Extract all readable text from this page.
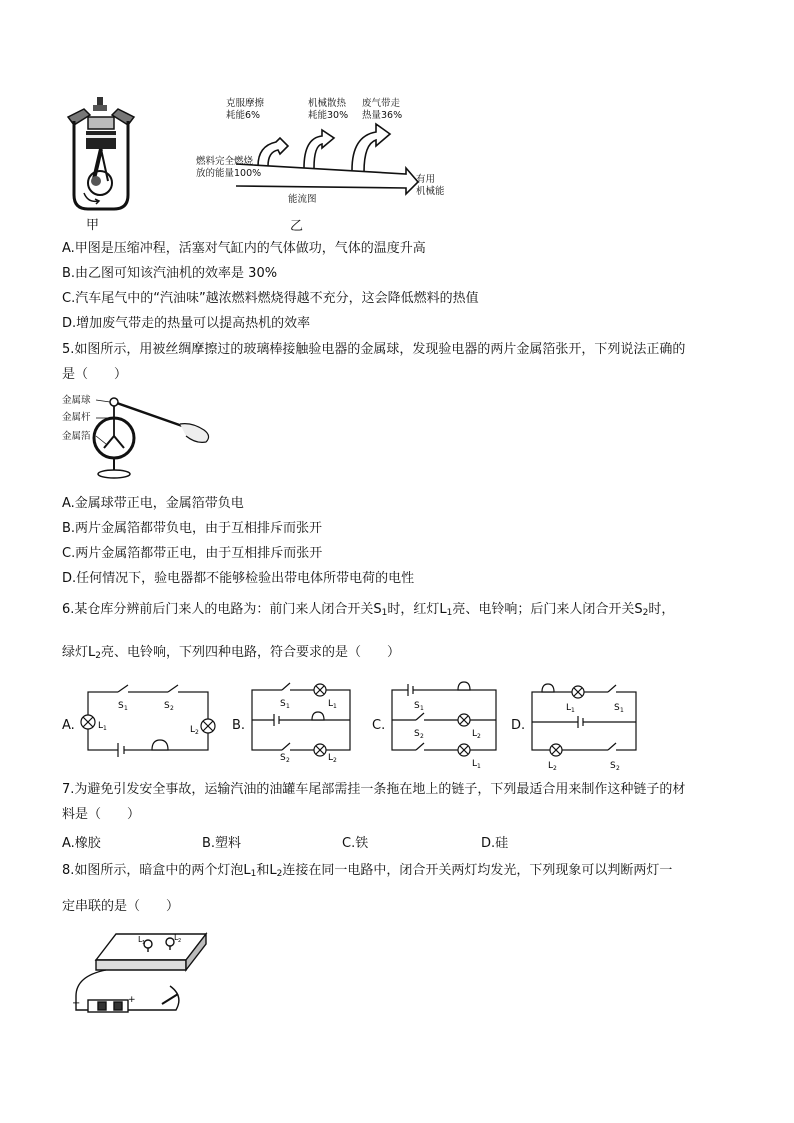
甲
克服摩擦
耗能6%
机械散热
耗能30%
废气带走
热量36%
燃料完全燃烧
放的能量100%
有用
机械能
能流图
乙
A.甲图是压缩冲程，活塞对气缸内的气体做功，气体的温度升高
B.由乙图可知该汽油机的效率是 30%
C.汽车尾气中的“汽油味”越浓燃料燃烧得越不充分，这会降低燃料的热值
D.增加废气带走的热量可以提高热机的效率
5.如图所示，用被丝绸摩擦过的玻璃棒接触验电器的金属球，发现验电器的两片金属箔张开，下列说法正确的
是（　　）
金属球
金属杆
金属箔
A.金属球带正电，金属箔带负电
B.两片金属箔都带负电，由于互相排斥而张开
C.两片金属箔都带正电，由于互相排斥而张开
D.任何情况下，验电器都不能够检验出带电体所带电荷的电性
6.某仓库分辨前后门来人的电路为：前门来人闭合开关$S_1$时，红灯$L_1$亮、电铃响；后门来人闭合开关$S_2$时，
绿灯$L_2$亮、电铃响，下列四种电路，符合要求的是（　　）
A.
S 1	S 2
L 1	L 2	B.
S 1	L 1
S 2	L 2
C.
S 1
S 2	L 2
L 1
D.
L 1	S 1
L 2	S 2
7.为避免引发安全事故，运输汽油的油罐车尾部需挂一条拖在地上的链子，下列最适合用来制作这种链子的材
料是（　　）
A.橡胶	B.塑料	C.铁	D.硅
8.如图所示，暗盒中的两个灯泡$L_1$和$L_2$连接在同一电路中，闭合开关两灯均发光，下列现象可以判断两灯一
定串联的是（　　）
L 1
L 2
−	+
